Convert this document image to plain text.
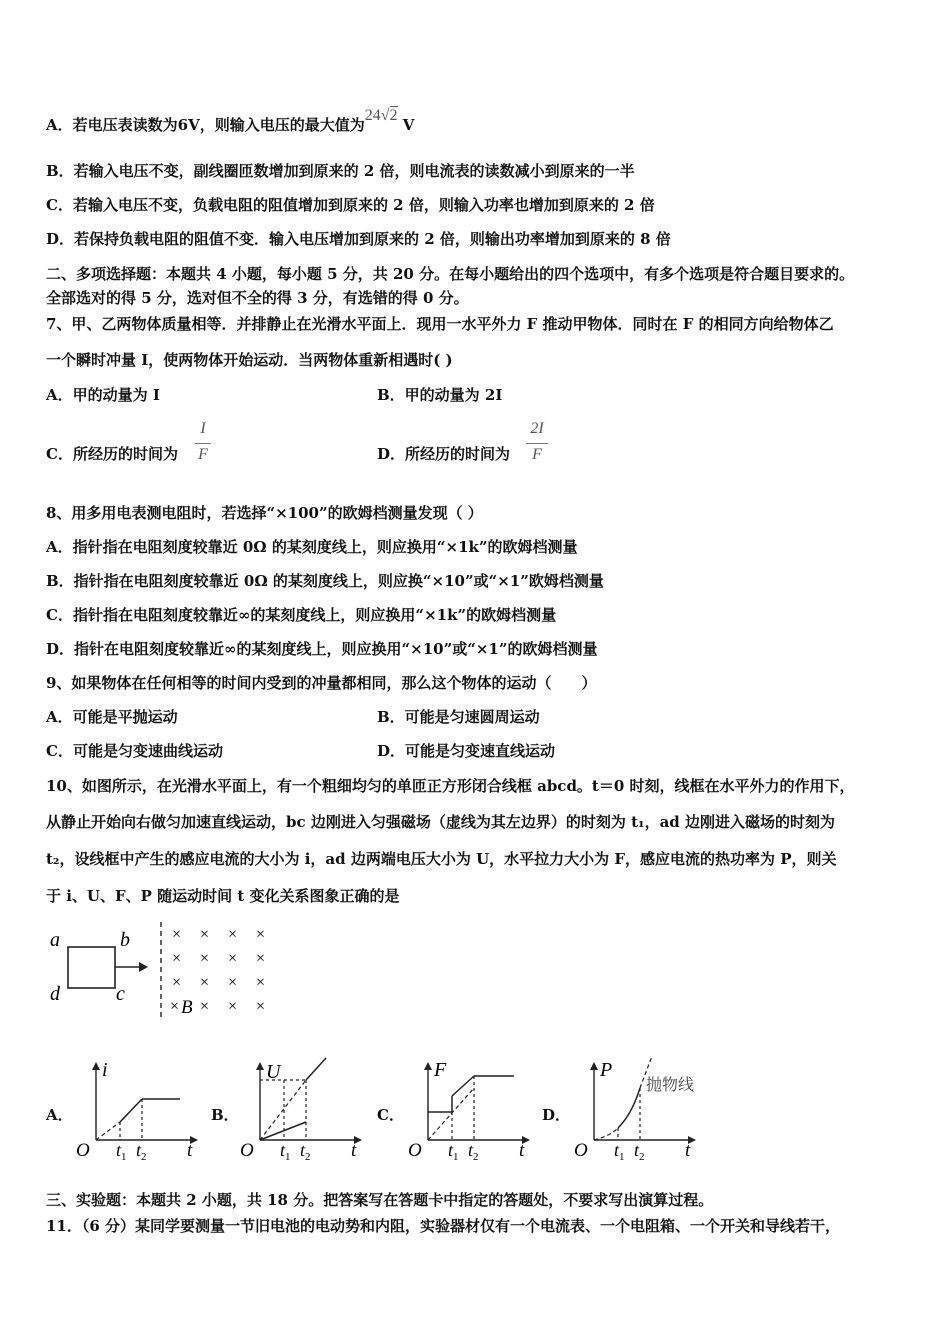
A．若电压表读数为6V，则输入电压的最大值为24√2 V
B．若输入电压不变，副线圈匝数增加到原来的 2 倍，则电流表的读数减小到原来的一半
C．若输入电压不变，负载电阻的阻值增加到原来的 2 倍，则输入功率也增加到原来的 2 倍
D．若保持负载电阻的阻值不变．输入电压增加到原来的 2 倍，则输出功率增加到原来的 8 倍
二、多项选择题：本题共 4 小题，每小题 5 分，共 20 分。在每小题给出的四个选项中，有多个选项是符合题目要求的。
全部选对的得 5 分，选对但不全的得 3 分，有选错的得 0 分。
7、甲、乙两物体质量相等．并排静止在光滑水平面上．现用一水平外力 F 推动甲物体．同时在 F 的相同方向给物体乙
一个瞬时冲量 I，使两物体开始运动．当两物体重新相遇时( )
A．甲的动量为 I	B．甲的动量为 2I
C．所经历的时间为
I
F	D．所经历的时间为
2I
F
8、用多用电表测电阻时，若选择“×100”的欧姆档测量发现（ ）
A．指针指在电阻刻度较靠近 0Ω 的某刻度线上，则应换用“×1k”的欧姆档测量
B．指针指在电阻刻度较靠近 0Ω 的某刻度线上，则应换“×10”或“×1”欧姆档测量
C．指针指在电阻刻度较靠近∞的某刻度线上，则应换用“×1k”的欧姆档测量
D．指针在电阻刻度较靠近∞的某刻度线上，则应换用“×10”或“×1”的欧姆档测量
9、如果物体在任何相等的时间内受到的冲量都相同，那么这个物体的运动（　　）
A．可能是平抛运动	B．可能是匀速圆周运动
C．可能是匀变速曲线运动	D．可能是匀变速直线运动
10、如图所示，在光滑水平面上，有一个粗细均匀的单匝正方形闭合线框 abcd。t＝0 时刻，线框在水平外力的作用下，
从静止开始向右做匀加速直线运动，bc 边刚进入匀强磁场（虚线为其左边界）的时刻为 t₁，ad 边刚进入磁场的时刻为
t₂，设线框中产生的感应电流的大小为 i，ad 边两端电压大小为 U，水平拉力大小为 F，感应电流的热功率为 P，则关
于 i、U、F、P 随运动时间 t 变化关系图象正确的是
a	b
d	c
× × × ×
× × × ×
× × × ×
× B × × ×
A．	B．	C．	D．
i
O	t
$t_1$ $t_2$
U
O	t
$t_1$ $t_2$
F
O	t
$t_1$ $t_2$
P
O	t
$t_1$ $t_2$
抛物线
三、实验题：本题共 2 小题，共 18 分。把答案写在答题卡中指定的答题处，不要求写出演算过程。
11．（6 分）某同学要测量一节旧电池的电动势和内阻，实验器材仅有一个电流表、一个电阻箱、一个开关和导线若干，
